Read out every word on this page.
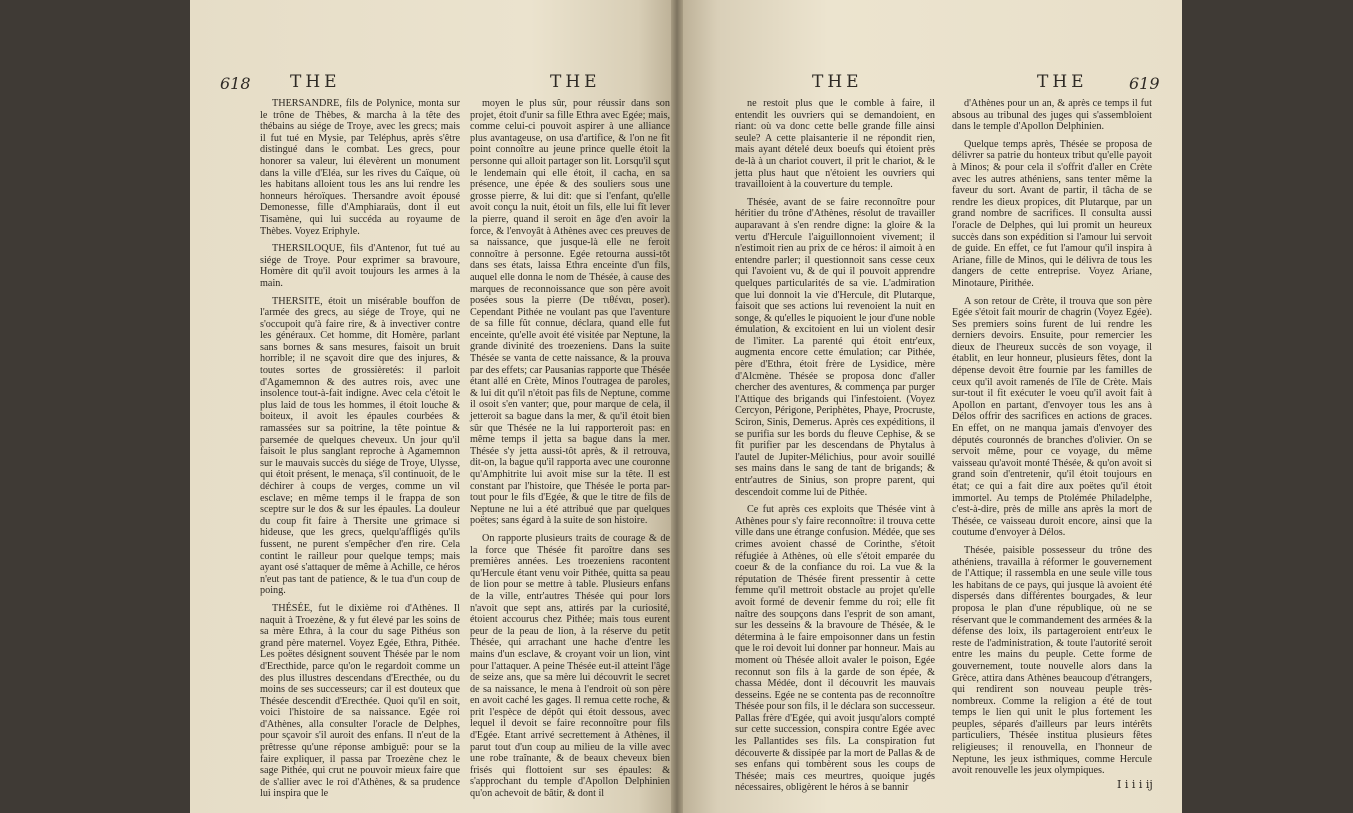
618 THE	THE

THERSANDRE, fils de Polynice, monta sur le trône de Thèbes, & marcha à la tête des thébains au siége de Troye, avec les grecs; mais il fut tué en Mysie, par Teléphus, après s'être distingué dans le combat. Les grecs, pour honorer sa valeur, lui élevèrent un monument dans la ville d'Eléa, sur les rives du Caïque, où les habitans alloient tous les ans lui rendre les honneurs héroïques. Thersandre avoit épousé Demonesse, fille d'Amphiaraüs, dont il eut Tisamène, qui lui succéda au royaume de Thèbes. Voyez Eriphyle.

THERSILOQUE, fils d'Antenor, fut tué au siége de Troye. Pour exprimer sa bravoure, Homère dit qu'il avoit toujours les armes à la main.

THERSITE, étoit un misérable bouffon de l'armée des grecs, au siége de Troye, qui ne s'occupoit qu'à faire rire, & à invectiver contre les généraux. Cet homme, dit Homère, parlant sans bornes & sans mesures, faisoit un bruit horrible; il ne sçavoit dire que des injures, & toutes sortes de grossièretés: il parloit d'Agamemnon & des autres rois, avec une insolence tout-à-fait indigne. Avec cela c'étoit le plus laid de tous les hommes, il étoit louche & boiteux, il avoit les épaules courbées & ramassées sur sa poitrine, la tête pointue & parsemée de quelques cheveux. Un jour qu'il faisoit le plus sanglant reproche à Agamemnon sur le mauvais succès du siége de Troye, Ulysse, qui étoit présent, le menaça, s'il continuoit, de le déchirer à coups de verges, comme un vil esclave; en même temps il le frappa de son sceptre sur le dos & sur les épaules. La douleur du coup fit faire à Thersite une grimace si hideuse, que les grecs, quelqu'affligés qu'ils fussent, ne purent s'empêcher d'en rire. Cela contint le railleur pour quelque temps; mais ayant osé s'attaquer de même à Achille, ce héros n'eut pas tant de patience, & le tua d'un coup de poing.

THÉSÉE, fut le dixième roi d'Athènes. Il naquit à Troezène, & y fut élevé par les soins de sa mère Ethra, à la cour du sage Pithéus son grand père maternel. Voyez Egée, Ethra, Pithée. Les poëtes désignent souvent Thésée par le nom d'Erecthide, parce qu'on le regardoit comme un des plus illustres descendans d'Erecthée, ou du moins de ses successeurs; car il est douteux que Thésée descendit d'Erecthée. Quoi qu'il en soit, voici l'histoire de sa naissance. Egée roi d'Athènes, alla consulter l'oracle de Delphes, pour sçavoir s'il auroit des enfans. Il n'eut de la prêtresse qu'une réponse ambiguë: pour se la faire expliquer, il passa par Troezène chez le sage Pithée, qui crut ne pouvoir mieux faire que de s'allier avec le roi d'Athènes, & sa prudence lui inspira que le

moyen le plus sûr, pour réussir dans son projet, étoit d'unir sa fille Ethra avec Egée; mais, comme celui-ci pouvoit aspirer à une alliance plus avantageuse, on usa d'artifice, & l'on ne fit point connoître au jeune prince quelle étoit la personne qui alloit partager son lit. Lorsqu'il sçut le lendemain qui elle étoit, il cacha, en sa présence, une épée & des souliers sous une grosse pierre, & lui dit: que si l'enfant, qu'elle avoit conçu la nuit, étoit un fils, elle lui fît lever la pierre, quand il seroit en âge d'en avoir la force, & l'envoyât à Athènes avec ces preuves de sa naissance, que jusque-là elle ne feroit connoître à personne. Egée retourna aussi-tôt dans ses états, laissa Ethra enceinte d'un fils, auquel elle donna le nom de Thésée, à cause des marques de reconnoissance que son père avoit posées sous la pierre (De τιθέναι, poser). Cependant Pithée ne voulant pas que l'aventure de sa fille fût connue, déclara, quand elle fut enceinte, qu'elle avoit été visitée par Neptune, la grande divinité des troezeniens. Dans la suite Thésée se vanta de cette naissance, & la prouva par des effets; car Pausanias rapporte que Thésée étant allé en Crète, Minos l'outragea de paroles, & lui dit qu'il n'étoit pas fils de Neptune, comme il osoit s'en vanter; que, pour marque de cela, il jetteroit sa bague dans la mer, & qu'il étoit bien sûr que Thésée ne la lui rapporteroit pas: en même temps il jetta sa bague dans la mer. Thésée s'y jetta aussi-tôt après, & il retrouva, dit-on, la bague qu'il rapporta avec une couronne qu'Amphitrite lui avoit mise sur la tête. Il est constant par l'histoire, que Thésée le porta par-tout pour le fils d'Egée, & que le titre de fils de Neptune ne lui a été attribué que par quelques poëtes; sans égard à la suite de son histoire.

On rapporte plusieurs traits de courage & de la force que Thésée fit paroître dans ses premières années. Les troezeniens racontent qu'Hercule étant venu voir Pithée, quitta sa peau de lion pour se mettre à table. Plusieurs enfans de la ville, entr'autres Thésée qui pour lors n'avoit que sept ans, attirés par la curiosité, étoient accourus chez Pithée; mais tous eurent peur de la peau de lion, à la réserve du petit Thésée, qui arrachant une hache d'entre les mains d'un esclave, & croyant voir un lion, vint pour l'attaquer. A peine Thésée eut-il atteint l'âge de seize ans, que sa mère lui découvrit le secret de sa naissance, le mena à l'endroit où son père en avoit caché les gages. Il remua cette roche, & prit l'espèce de dépôt qui étoit dessous, avec lequel il devoit se faire reconnoître pour fils d'Egée. Etant arrivé secrettement à Athènes, il parut tout d'un coup au milieu de la ville avec une robe traînante, & de beaux cheveux bien frisés qui flottoient sur ses épaules: & s'approchant du temple d'Apollon Delphinien qu'on achevoit de bâtir, & dont il

THE	THE	619

ne restoit plus que le comble à faire, il entendit les ouvriers qui se demandoient, en riant: où va donc cette belle grande fille ainsi seule? A cette plaisanterie il ne répondit rien, mais ayant dételé deux boeufs qui étoient près de-là à un chariot couvert, il prit le chariot, & le jetta plus haut que n'étoient les ouvriers qui travailloient à la couverture du temple.

Thésée, avant de se faire reconnoître pour héritier du trône d'Athènes, résolut de travailler auparavant à s'en rendre digne: la gloire & la vertu d'Hercule l'aiguillonnoient vivement; il n'estimoit rien au prix de ce héros: il aimoit à en entendre parler; il questionnoit sans cesse ceux qui l'avoient vu, & de qui il pouvoit apprendre quelques particularités de sa vie. L'admiration que lui donnoit la vie d'Hercule, dit Plutarque, faisoit que ses actions lui revenoient la nuit en songe, & qu'elles le piquoient le jour d'une noble émulation, & excitoient en lui un violent desir de l'imiter. La parenté qui étoit entr'eux, augmenta encore cette émulation; car Pithée, père d'Ethra, étoit frère de Lysidice, mère d'Alcmène. Thésée se proposa donc d'aller chercher des aventures, & commença par purger l'Attique des brigands qui l'infestoient. (Voyez Cercyon, Périgone, Periphètes, Phaye, Procruste, Sciron, Sinis, Demerus. Après ces expéditions, il se purifia sur les bords du fleuve Cephise, & se fit purifier par les descendans de Phytalus à l'autel de Jupiter-Mélichius, pour avoir souillé ses mains dans le sang de tant de brigands; & entr'autres de Sinius, son propre parent, qui descendoit comme lui de Pithée.

Ce fut après ces exploits que Thésée vint à Athènes pour s'y faire reconnoître: il trouva cette ville dans une étrange confusion. Médée, que ses crimes avoient chassé de Corinthe, s'étoit réfugiée à Athènes, où elle s'étoit emparée du coeur & de la confiance du roi. La vue & la réputation de Thésée firent pressentir à cette femme qu'il mettroit obstacle au projet qu'elle avoit formé de devenir femme du roi; elle fit naître des soupçons dans l'esprit de son amant, sur les desseins & la bravoure de Thésée, & le détermina à le faire empoisonner dans un festin que le roi devoit lui donner par honneur. Mais au moment où Thésée alloit avaler le poison, Egée reconnut son fils à la garde de son épée, & chassa Médée, dont il découvrit les mauvais desseins. Egée ne se contenta pas de reconnoître Thésée pour son fils, il le déclara son successeur. Pallas frère d'Egée, qui avoit jusqu'alors compté sur cette succession, conspira contre Egée avec les Pallantides ses fils. La conspiration fut découverte & dissipée par la mort de Pallas & de ses enfans qui tombèrent sous les coups de Thésée; mais ces meurtres, quoique jugés nécessaires, obligèrent le héros à se bannir

d'Athènes pour un an, & après ce temps il fut absous au tribunal des juges qui s'assembloient dans le temple d'Apollon Delphinien.

Quelque temps après, Thésée se proposa de délivrer sa patrie du honteux tribut qu'elle payoit à Minos; & pour cela il s'offrit d'aller en Crète avec les autres athéniens, sans tenter même la faveur du sort. Avant de partir, il tâcha de se rendre les dieux propices, dit Plutarque, par un grand nombre de sacrifices. Il consulta aussi l'oracle de Delphes, qui lui promit un heureux succès dans son expédition si l'amour lui servoit de guide. En effet, ce fut l'amour qu'il inspira à Ariane, fille de Minos, qui le délivra de tous les dangers de cette entreprise. Voyez Ariane, Minotaure, Pirithée.

A son retour de Crète, il trouva que son père Egée s'étoit fait mourir de chagrin (Voyez Egée). Ses premiers soins furent de lui rendre les derniers devoirs. Ensuite, pour remercier les dieux de l'heureux succès de son voyage, il établit, en leur honneur, plusieurs fêtes, dont la dépense devoit être fournie par les familles de ceux qu'il avoit ramenés de l'île de Crète. Mais sur-tout il fit exécuter le voeu qu'il avoit fait à Apollon en partant, d'envoyer tous les ans à Délos offrir des sacrifices en actions de graces. En effet, on ne manqua jamais d'envoyer des députés couronnés de branches d'olivier. On se servoit même, pour ce voyage, du même vaisseau qu'avoit monté Thésée, & qu'on avoit si grand soin d'entretenir, qu'il étoit toujours en état; ce qui a fait dire aux poëtes qu'il étoit immortel. Au temps de Ptolémée Philadelphe, c'est-à-dire, près de mille ans après la mort de Thésée, ce vaisseau duroit encore, ainsi que la coutume d'envoyer à Délos.

Thésée, paisible possesseur du trône des athéniens, travailla à réformer le gouvernement de l'Attique; il rassembla en une seule ville tous les habitans de ce pays, qui jusque là avoient été dispersés dans différentes bourgades, & leur proposa le plan d'une république, où ne se réservant que le commandement des armées & la défense des loix, ils partageroient entr'eux le reste de l'administration, & toute l'autorité seroit entre les mains du peuple. Cette forme de gouvernement, toute nouvelle alors dans la Grèce, attira dans Athènes beaucoup d'étrangers, qui rendirent son nouveau peuple très-nombreux. Comme la religion a été de tout temps le lien qui unit le plus fortement les peuples, séparés d'ailleurs par leurs intérêts particuliers, Thésée institua plusieurs fêtes religieuses; il renouvella, en l'honneur de Neptune, les jeux isthmiques, comme Hercule avoit renouvelle les jeux olympiques.

I i i i ij
